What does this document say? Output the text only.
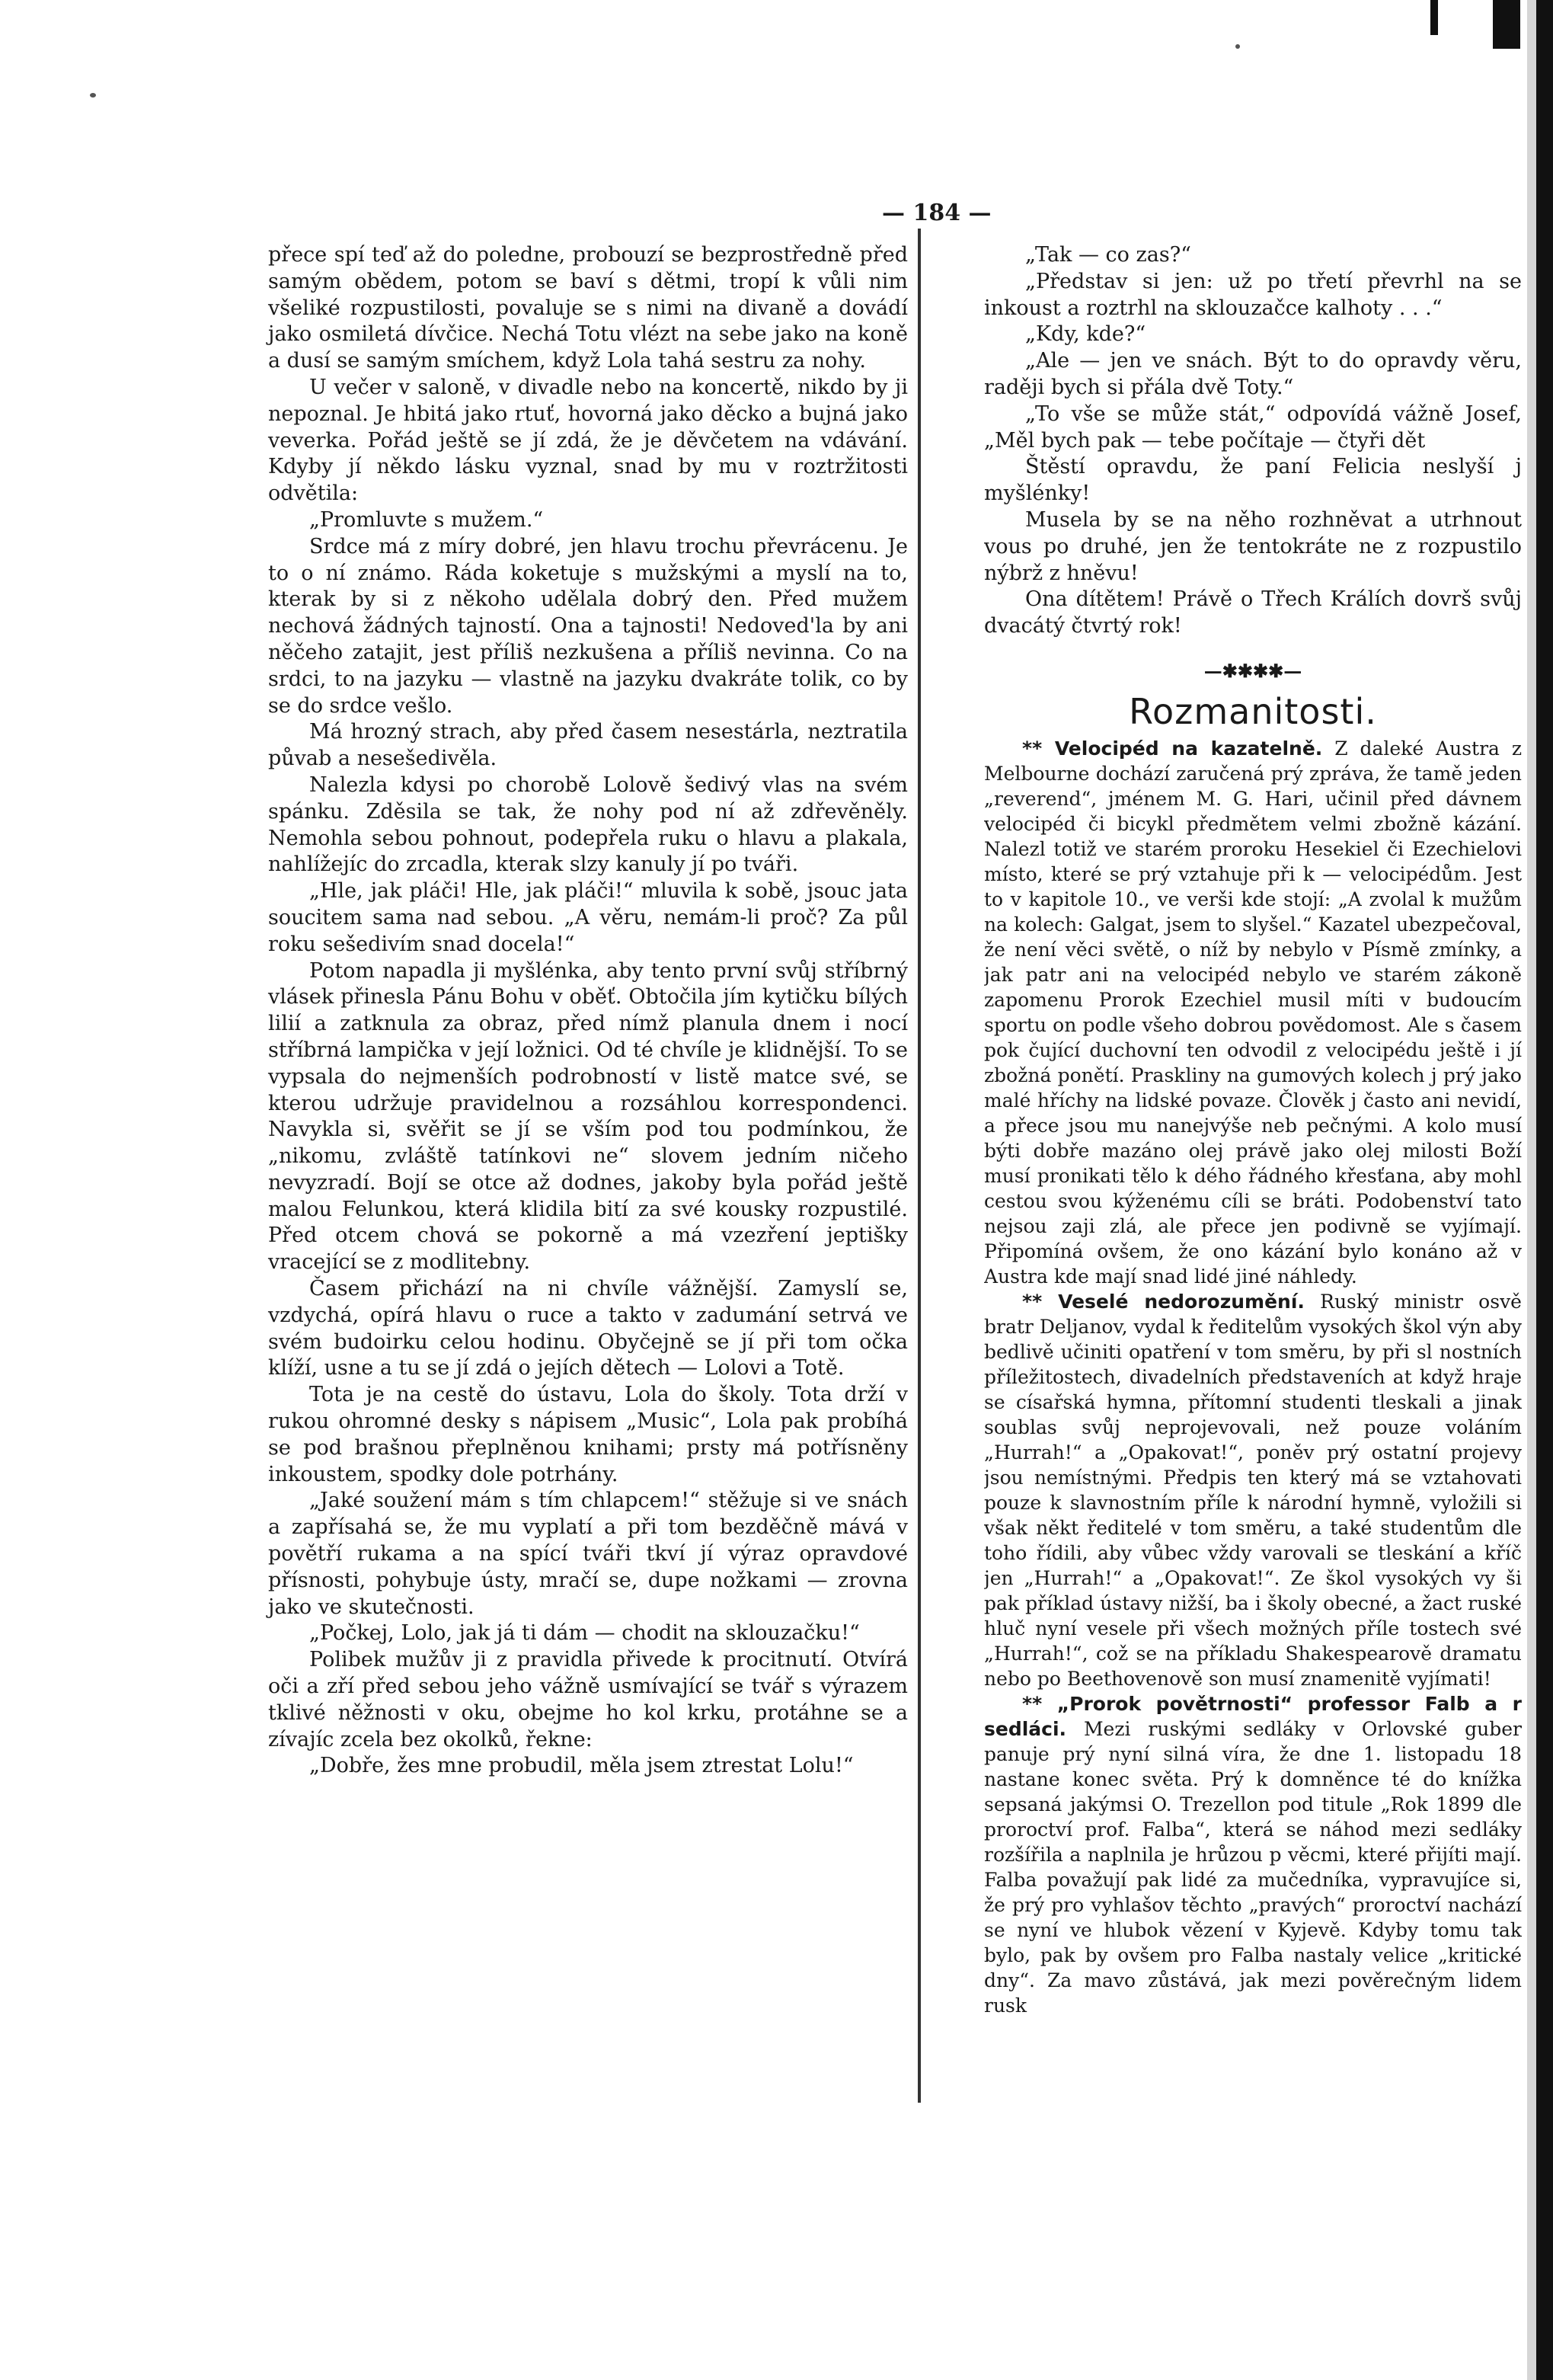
— 184 —

přece spí teď až do poledne, probouzí se bezprostředně před samým obědem, potom se baví s dětmi, tropí k vůli nim všeliké rozpustilosti, povaluje se s nimi na divaně a dovádí jako osmiletá dívčice. Nechá Totu vlézt na sebe jako na koně a dusí se samým smíchem, když Lola tahá sestru za nohy.

U večer v saloně, v divadle nebo na koncertě, nikdo by ji nepoznal. Je hbitá jako rtuť, hovorná jako děcko a bujná jako veverka. Pořád ještě se jí zdá, že je děvčetem na vdávání. Kdyby jí někdo lásku vyznal, snad by mu v roztržitosti odvětila:

„Promluvte s mužem.“

Srdce má z míry dobré, jen hlavu trochu převrácenu. Je to o ní známo. Ráda koketuje s mužskými a myslí na to, kterak by si z někoho udělala dobrý den. Před mužem nechová žádných tajností. Ona a tajnosti! Nedoved'la by ani něčeho zatajit, jest příliš nezkušena a příliš nevinna. Co na srdci, to na jazyku — vlastně na jazyku dvakráte tolik, co by se do srdce vešlo.

Má hrozný strach, aby před časem nesestárla, neztratila půvab a nesešedivěla.

Nalezla kdysi po chorobě Lolově šedivý vlas na svém spánku. Zděsila se tak, že nohy pod ní až zdřevěněly. Nemohla sebou pohnout, podepřela ruku o hlavu a plakala, nahlížejíc do zrcadla, kterak slzy kanuly jí po tváři.

„Hle, jak pláči! Hle, jak pláči!“ mluvila k sobě, jsouc jata soucitem sama nad sebou. „A věru, nemám-li proč? Za půl roku sešedivím snad docela!“

Potom napadla ji myšlénka, aby tento první svůj stříbrný vlásek přinesla Pánu Bohu v oběť. Obtočila jím kytičku bílých lilií a zatknula za obraz, před nímž planula dnem i nocí stříbrná lampička v její ložnici. Od té chvíle je klidnější. To se vypsala do nejmenších podrobností v listě matce své, se kterou udržuje pravidelnou a rozsáhlou korrespondenci. Navykla si, svěřit se jí se vším pod tou podmínkou, že „nikomu, zvláště tatínkovi ne“ slovem jedním ničeho nevyzradí. Bojí se otce až dodnes, jakoby byla pořád ještě malou Felunkou, která klidila bití za své kousky rozpustilé. Před otcem chová se pokorně a má vzezření jeptišky vracející se z modlitebny.

Časem přichází na ni chvíle vážnější. Zamyslí se, vzdychá, opírá hlavu o ruce a takto v zadumání setrvá ve svém budoirku celou hodinu. Obyčejně se jí při tom očka klíží, usne a tu se jí zdá o jejích dětech — Lolovi a Totě.

Tota je na cestě do ústavu, Lola do školy. Tota drží v rukou ohromné desky s nápisem „Music“, Lola pak probíhá se pod brašnou přeplněnou knihami; prsty má potřísněny inkoustem, spodky dole potrhány.

„Jaké soužení mám s tím chlapcem!“ stěžuje si ve snách a zapřísahá se, že mu vyplatí a při tom bezděčně mává v povětří rukama a na spící tváři tkví jí výraz opravdové přísnosti, pohybuje ústy, mračí se, dupe nožkami — zrovna jako ve skutečnosti.

„Počkej, Lolo, jak já ti dám — chodit na sklouzačku!“

Polibek mužův ji z pravidla přivede k procitnutí. Otvírá oči a zří před sebou jeho vážně usmívající se tvář s výrazem tklivé něžnosti v oku, obejme ho kol krku, protáhne se a zívajíc zcela bez okolků, řekne:

„Dobře, žes mne probudil, měla jsem ztrestat Lolu!“

„Tak — co zas?“

„Představ si jen: už po třetí převrhl na se inkoust a roztrhl na sklouzačce kalhoty . . .“

„Kdy, kde?“

„Ale — jen ve snách. Být to do opravdy věru, raději bych si přála dvě Toty.“

„To vše se může stát,“ odpovídá vážně Josef, „Měl bych pak — tebe počítaje — čtyři dět

Štěstí opravdu, že paní Felicia neslyší j myšlénky!

Musela by se na něho rozhněvat a utrhnout vous po druhé, jen že tentokráte ne z rozpustilo nýbrž z hněvu!

Ona dítětem! Právě o Třech Králích dovrš svůj dvacátý čtvrtý rok!

—✱✱✱✱—
Rozmanitosti.

** Velocipéd na kazatelně. Z daleké Austra z Melbourne dochází zaručená prý zpráva, že tamě jeden „reverend“, jménem M. G. Hari, učinil před dávnem velocipéd či bicykl předmětem velmi zbožně kázání. Nalezl totiž ve starém proroku Hesekiel či Ezechielovi místo, které se prý vztahuje při k — velocipédům. Jest to v kapitole 10., ve verši kde stojí: „A zvolal k mužům na kolech: Galgat, jsem to slyšel.“ Kazatel ubezpečoval, že není věci světě, o níž by nebylo v Písmě zmínky, a jak patr ani na velocipéd nebylo ve starém zákoně zapomenu Prorok Ezechiel musil míti v budoucím sportu on podle všeho dobrou povědomost. Ale s časem pok čující duchovní ten odvodil z velocipédu ještě i jí zbožná ponětí. Praskliny na gumových kolech j prý jako malé hříchy na lidské povaze. Člověk j často ani nevidí, a přece jsou mu nanejvýše neb pečnými. A kolo musí býti dobře mazáno olej právě jako olej milosti Boží musí pronikati tělo k dého řádného křesťana, aby mohl cestou svou kýženému cíli se bráti. Podobenství tato nejsou zaji zlá, ale přece jen podivně se vyjímají. Připomíná ovšem, že ono kázání bylo konáno až v Austra kde mají snad lidé jiné náhledy.

** Veselé nedorozumění. Ruský ministr osvě bratr Deljanov, vydal k ředitelům vysokých škol výn aby bedlivě učiniti opatření v tom směru, by při sl nostních příležitostech, divadelních představeních at když hraje se císařská hymna, přítomní studenti tleskali a jinak soublas svůj neprojevovali, než pouze voláním „Hurrah!“ a „Opakovat!“, poněv prý ostatní projevy jsou nemístnými. Předpis ten který má se vztahovati pouze k slavnostním příle k národní hymně, vyložili si však někt ředitelé v tom směru, a také studentům dle toho řídili, aby vůbec vždy varovali se tleskání a kříč jen „Hurrah!“ a „Opakovat!“. Ze škol vysokých vy ši pak příklad ústavy nižší, ba i školy obecné, a žact ruské hluč nyní vesele při všech možných příle tostech své „Hurrah!“, což se na příkladu Shakespearově dramatu nebo po Beethovenově son musí znamenitě vyjímati!

** „Prorok povětrnosti“ professor Falb a r sedláci. Mezi ruskými sedláky v Orlovské guber panuje prý nyní silná víra, že dne 1. listopadu 18 nastane konec světa. Prý k domněnce té do knížka sepsaná jakýmsi O. Trezellon pod titule „Rok 1899 dle proroctví prof. Falba“, která se náhod mezi sedláky rozšířila a naplnila je hrůzou p věcmi, které přijíti mají. Falba považují pak lidé za mučedníka, vypravujíce si, že prý pro vyhlašov těchto „pravých“ proroctví nachází se nyní ve hlubok vězení v Kyjevě. Kdyby tomu tak bylo, pak by ovšem pro Falba nastaly velice „kritické dny“. Za mavo zůstává, jak mezi pověrečným lidem rusk
